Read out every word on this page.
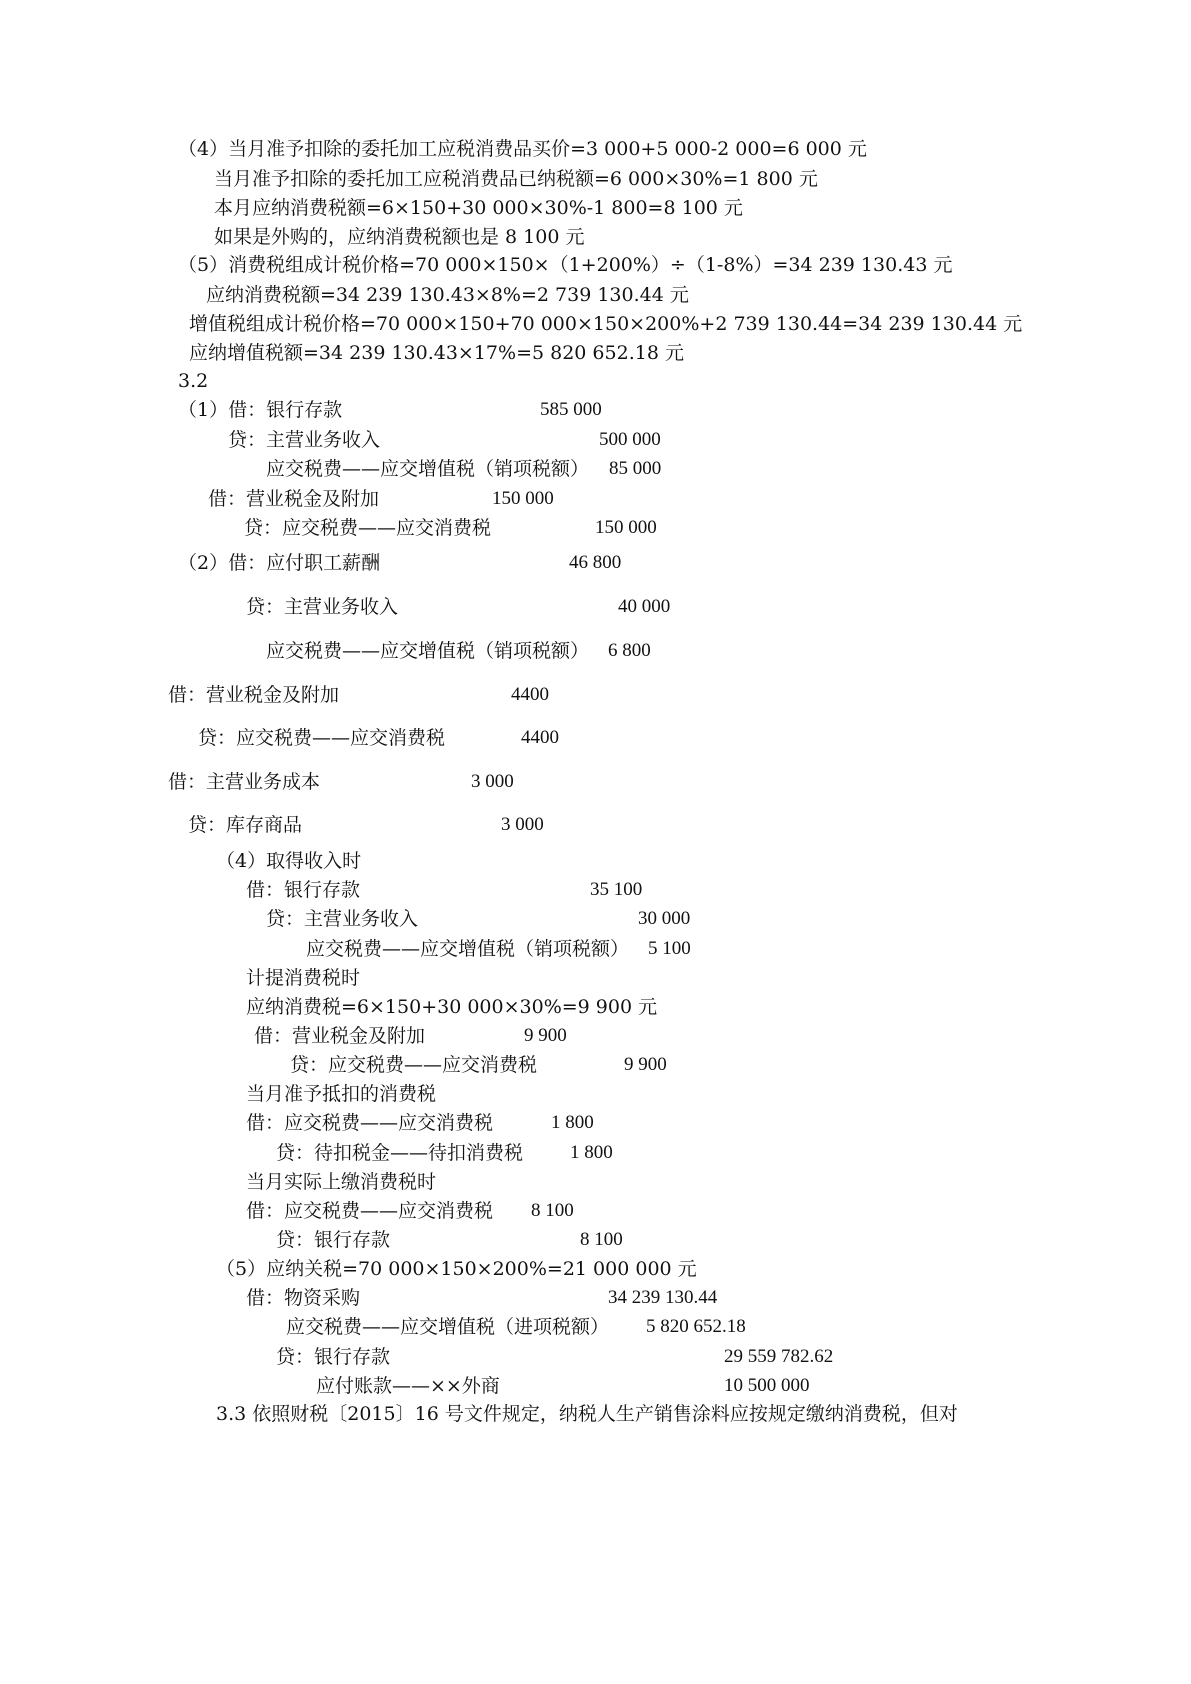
（4）当月准予扣除的委托加工应税消费品买价=3 000+5 000-2 000=6 000 元
当月准予扣除的委托加工应税消费品已纳税额=6 000×30%=1 800 元
本月应纳消费税额=6×150+30 000×30%-1 800=8 100 元
如果是外购的，应纳消费税额也是 8 100 元
（5）消费税组成计税价格=70 000×150×（1+200%）÷（1-8%）=34 239 130.43 元
应纳消费税额=34 239 130.43×8%=2 739 130.44 元
增值税组成计税价格=70 000×150+70 000×150×200%+2 739 130.44=34 239 130.44 元
应纳增值税额=34 239 130.43×17%=5 820 652.18 元
3.2
（1）借：银行存款	585 000
贷：主营业务收入	500 000
应交税费——应交增值税（销项税额） 85 000
借：营业税金及附加	150 000
贷：应交税费——应交消费税	150 000
（2）借：应付职工薪酬	46 800
贷：主营业务收入	40 000
应交税费——应交增值税（销项税额） 6 800
借：营业税金及附加	4400
贷：应交税费——应交消费税	4400
借：主营业务成本	3 000
贷：库存商品	3 000
（4）取得收入时
借：银行存款	35 100
贷：主营业务收入	30 000
应交税费——应交增值税（销项税额） 5 100
计提消费税时
应纳消费税=6×150+30 000×30%=9 900 元
借：营业税金及附加	9 900
贷：应交税费——应交消费税	9 900
当月准予抵扣的消费税
借：应交税费——应交消费税	1 800
贷：待扣税金——待扣消费税 1 800
当月实际上缴消费税时
借：应交税费——应交消费税 8 100
贷：银行存款	8 100
（5）应纳关税=70 000×150×200%=21 000 000 元
借：物资采购	34 239 130.44
应交税费——应交增值税（进项税额） 5 820 652.18
贷：银行存款	29 559 782.62
应付账款——××外商	10 500 000
3.3 依照财税〔2015〕16 号文件规定，纳税人生产销售涂料应按规定缴纳消费税，但对
